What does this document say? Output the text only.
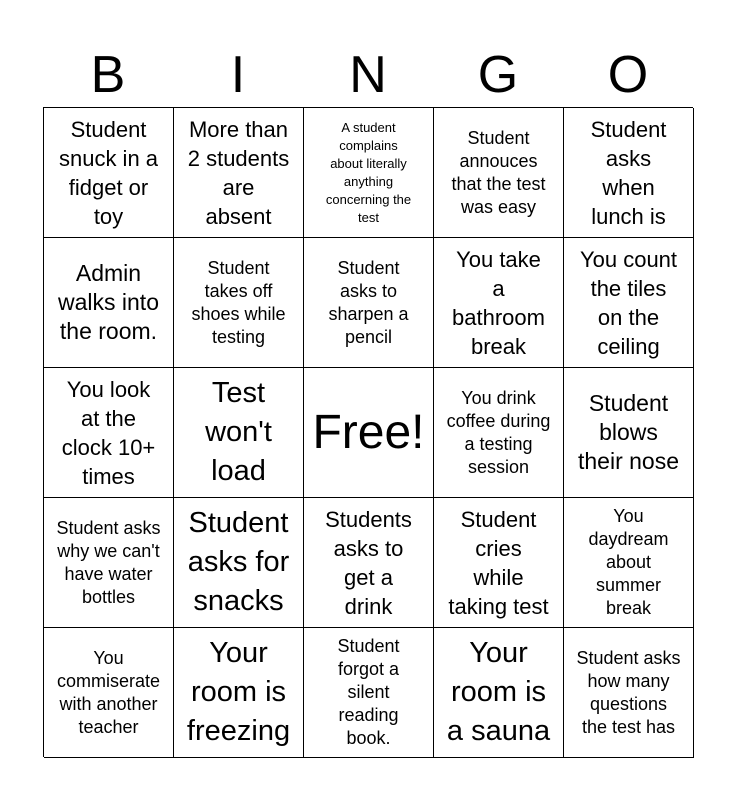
B	I	N	G	O
Student
snuck in a
fidget or
toy
More than
2 students
are
absent
A student
complains
about literally
anything
concerning the
test
Student
annouces
that the test
was easy
Student
asks
when
lunch is
Admin
walks into
the room.
Student
takes off
shoes while
testing
Student
asks to
sharpen a
pencil
You take
a
bathroom
break
You count
the tiles
on the
ceiling
You look
at the
clock 10+
times
Test
won't
load
Free!
You drink
coffee during
a testing
session
Student
blows
their nose
Student asks
why we can't
have water
bottles
Student
asks for
snacks
Students
asks to
get a
drink
Student
cries
while
taking test
You
daydream
about
summer
break
You
commiserate
with another
teacher
Your
room is
freezing
Student
forgot a
silent
reading
book.
Your
room is
a sauna
Student asks
how many
questions
the test has
